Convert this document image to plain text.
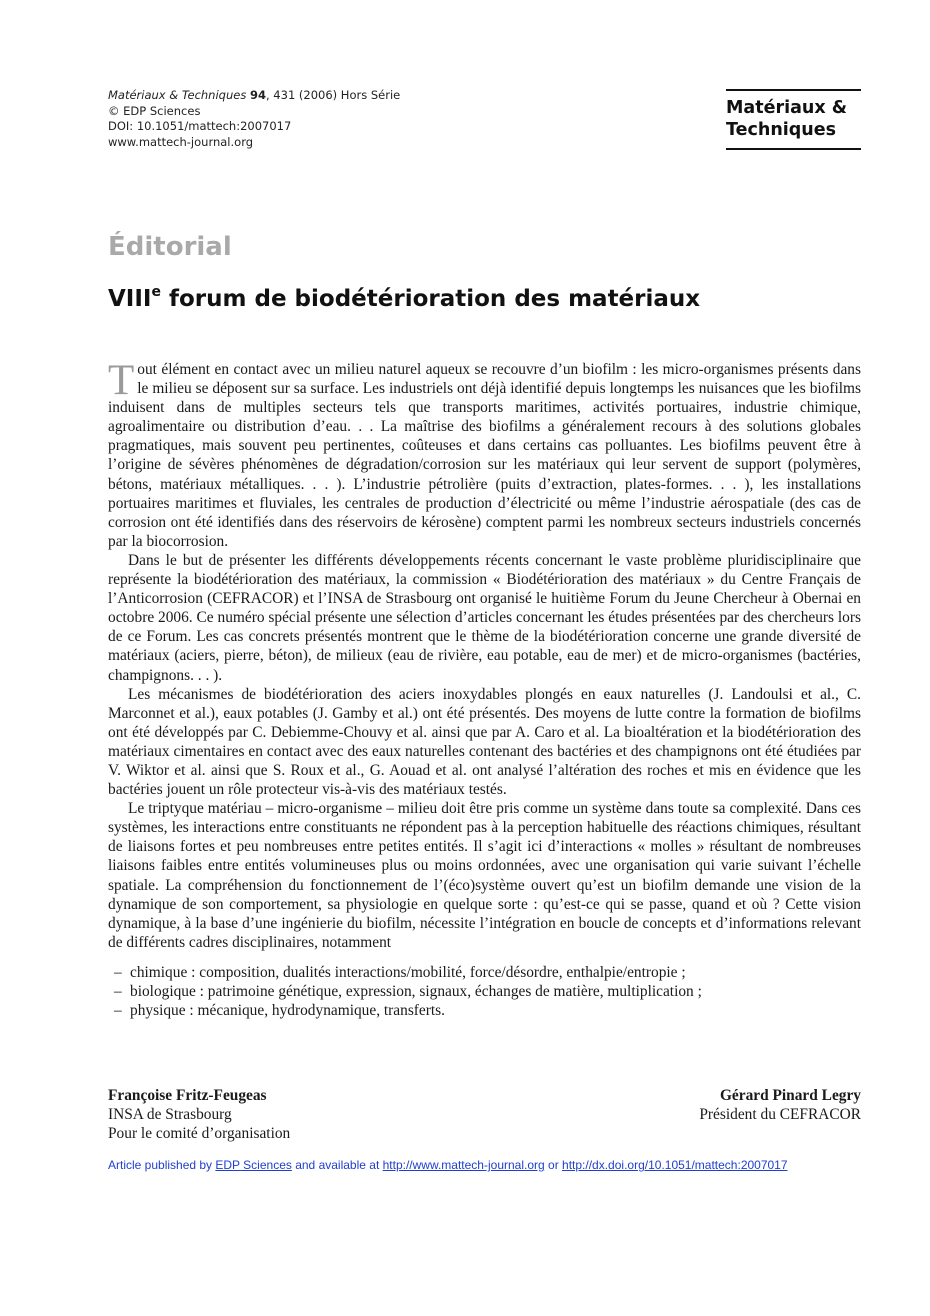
Matériaux & Techniques 94, 431 (2006) Hors Série
© EDP Sciences
DOI: 10.1051/mattech:2007017
www.mattech-journal.org
Matériaux &
Techniques
Éditorial
VIIIe forum de biodétérioration des matériaux

Tout élément en contact avec un milieu naturel aqueux se recouvre d’un biofilm : les micro-organismes présents dans le milieu se déposent sur sa surface. Les industriels ont déjà identifié depuis longtemps les nuisances que les biofilms induisent dans de multiples secteurs tels que transports maritimes, activités portuaires, industrie chimique, agroalimentaire ou distribution d’eau. . . La maîtrise des biofilms a généralement recours à des solutions globales pragmatiques, mais souvent peu pertinentes, coûteuses et dans certains cas polluantes. Les biofilms peuvent être à l’origine de sévères phénomènes de dégradation/corrosion sur les matériaux qui leur servent de support (polymères, bétons, matériaux métalliques. . . ). L’industrie pétrolière (puits d’extraction, plates-formes. . . ), les installations portuaires maritimes et fluviales, les centrales de production d’électricité ou même l’industrie aérospatiale (des cas de corrosion ont été identifiés dans des réservoirs de kérosène) comptent parmi les nombreux secteurs industriels concernés par la biocorrosion.

Dans le but de présenter les différents développements récents concernant le vaste problème pluridisciplinaire que représente la biodétérioration des matériaux, la commission « Biodétérioration des matériaux » du Centre Français de l’Anticorrosion (CEFRACOR) et l’INSA de Strasbourg ont organisé le huitième Forum du Jeune Chercheur à Obernai en octobre 2006. Ce numéro spécial présente une sélection d’articles concernant les études présentées par des chercheurs lors de ce Forum. Les cas concrets présentés montrent que le thème de la biodétérioration concerne une grande diversité de matériaux (aciers, pierre, béton), de milieux (eau de rivière, eau potable, eau de mer) et de micro-organismes (bactéries, champignons. . . ).

Les mécanismes de biodétérioration des aciers inoxydables plongés en eaux naturelles (J. Landoulsi et al., C. Marconnet et al.), eaux potables (J. Gamby et al.) ont été présentés. Des moyens de lutte contre la formation de biofilms ont été développés par C. Debiemme-Chouvy et al. ainsi que par A. Caro et al. La bioaltération et la biodétérioration des matériaux cimentaires en contact avec des eaux naturelles contenant des bactéries et des champignons ont été étudiées par V. Wiktor et al. ainsi que S. Roux et al., G. Aouad et al. ont analysé l’altération des roches et mis en évidence que les bactéries jouent un rôle protecteur vis-à-vis des matériaux testés.

Le triptyque matériau – micro-organisme – milieu doit être pris comme un système dans toute sa complexité. Dans ces systèmes, les interactions entre constituants ne répondent pas à la perception habituelle des réactions chimiques, résultant de liaisons fortes et peu nombreuses entre petites entités. Il s’agit ici d’interactions « molles » résultant de nombreuses liaisons faibles entre entités volumineuses plus ou moins ordonnées, avec une organisation qui varie suivant l’échelle spatiale. La compréhension du fonctionnement de l’(éco)système ouvert qu’est un biofilm demande une vision de la dynamique de son comportement, sa physiologie en quelque sorte : qu’est-ce qui se passe, quand et où ? Cette vision dynamique, à la base d’une ingénierie du biofilm, nécessite l’intégration en boucle de concepts et d’informations relevant de différents cadres disciplinaires, notamment

– chimique : composition, dualités interactions/mobilité, force/désordre, enthalpie/entropie ;
– biologique : patrimoine génétique, expression, signaux, échanges de matière, multiplication ;
– physique : mécanique, hydrodynamique, transferts.
Françoise Fritz-Feugeas
INSA de Strasbourg
Pour le comité d’organisation
Gérard Pinard Legry
Président du CEFRACOR
Article published by EDP Sciences and available at http://www.mattech-journal.org or http://dx.doi.org/10.1051/mattech:2007017
